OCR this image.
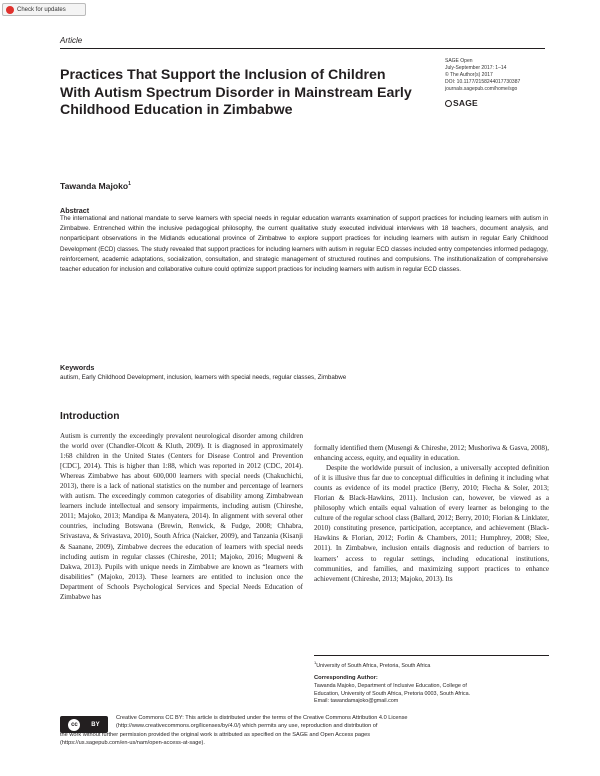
Check for updates
Article
Practices That Support the Inclusion of Children With Autism Spectrum Disorder in Mainstream Early Childhood Education in Zimbabwe
SAGE Open
July-September 2017: 1–14
© The Author(s) 2017
DOI: 10.1177/2158244017730387
journals.sagepub.com/home/sgo
SAGE
Tawanda Majoko$^1$
Abstract

The international and national mandate to serve learners with special needs in regular education warrants examination of support practices for including learners with autism in Zimbabwe. Entrenched within the inclusive pedagogical philosophy, the current qualitative study executed individual interviews with 18 teachers, document analysis, and nonparticipant observations in the Midlands educational province of Zimbabwe to explore support practices for including learners with autism in regular Early Childhood Development (ECD) classes. The study revealed that support practices for including learners with autism in regular ECD classes included entry competencies informed pedagogy, reinforcement, academic adaptations, socialization, consultation, and strategic management of structured routines and compulsions. The institutionalization of comprehensive teacher education for inclusion and collaborative culture could optimize support practices for including learners with autism in regular ECD classes.

Keywords
autism, Early Childhood Development, inclusion, learners with special needs, regular classes, Zimbabwe
Introduction

Autism is currently the exceedingly prevalent neurological disorder among children the world over (Chandler-Olcott & Kluth, 2009). It is diagnosed in approximately 1:68 children in the United States (Centers for Disease Control and Prevention [CDC], 2014). This is higher than 1:88, which was reported in 2012 (CDC, 2014). Whereas Zimbabwe has about 600,000 learners with special needs (Chakuchichi, 2013), there is a lack of national statistics on the number and percentage of learners with autism. The exceedingly common categories of disability among Zimbabwean learners include intellectual and sensory impairments, including autism (Chireshe, 2011; Majoko, 2013; Mandipa & Manyatera, 2014). In alignment with several other countries, including Botswana (Brewin, Renwick, & Fudge, 2008; Chhabra, Srivastava, & Srivastava, 2010), South Africa (Naicker, 2009), and Tanzania (Kisanji & Saanane, 2009), Zimbabwe decrees the education of learners with special needs including autism in regular classes (Chireshe, 2011; Majoko, 2016; Mugweni & Dakwa, 2013). Pupils with unique needs in Zimbabwe are known as “learners with disabilities” (Majoko, 2013). These learners are entitled to inclusion once the Department of Schools Psychological Services and Special Needs Education of Zimbabwe has

formally identified them (Musengi & Chireshe, 2012; Mushoriwa & Gasva, 2008), enhancing access, equity, and equality in education.

Despite the worldwide pursuit of inclusion, a universally accepted definition of it is illusive thus far due to conceptual difficulties in defining it including what counts as evidence of its model practice (Berry, 2010; Flecha & Soler, 2013; Florian & Black-Hawkins, 2011). Inclusion can, however, be viewed as a philosophy which entails equal valuation of every learner as belonging to the culture of the regular school class (Ballard, 2012; Berry, 2010; Florian & Linklater, 2010) constituting presence, participation, acceptance, and achievement (Black-Hawkins & Florian, 2012; Forlin & Chambers, 2011; Humphrey, 2008; Slee, 2011). In Zimbabwe, inclusion entails diagnosis and reduction of barriers to learners’ access to regular settings, including educational institutions, communities, and families, and maximizing support practices to enhance achievement (Chireshe, 2013; Majoko, 2013). Its

$^1$University of South Africa, Pretoria, South Africa
Corresponding Author:
Tawanda Majoko, Department of Inclusive Education, College of
Education, University of South Africa, Pretoria 0003, South Africa.
Email: tawandamajoko@gmail.com
cc	BY
Creative Commons CC BY: This article is distributed under the terms of the Creative Commons Attribution 4.0 License
(http://www.creativecommons.org/licenses/by/4.0/) which permits any use, reproduction and distribution of
the work without further permission provided the original work is attributed as specified on the SAGE and Open Access pages
(https://us.sagepub.com/en-us/nam/open-access-at-sage).
